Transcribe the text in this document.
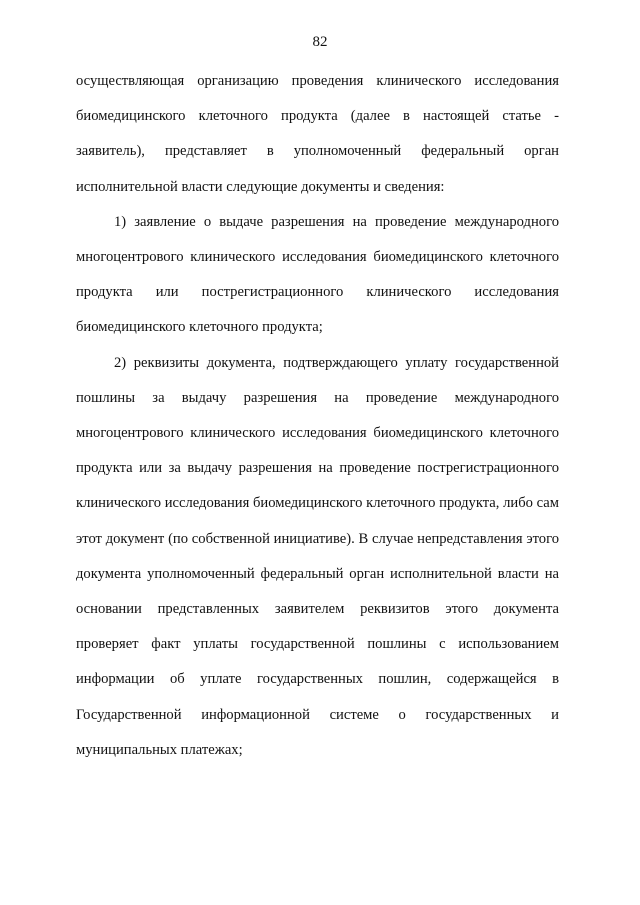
82

осуществляющая организацию проведения клинического исследования биомедицинского клеточного продукта (далее в настоящей статье - заявитель), представляет в уполномоченный федеральный орган исполнительной власти следующие документы и сведения:

1) заявление о выдаче разрешения на проведение международного многоцентрового клинического исследования биомедицинского клеточного продукта или пострегистрационного клинического исследования биомедицинского клеточного продукта;

2) реквизиты документа, подтверждающего уплату государственной пошлины за выдачу разрешения на проведение международного многоцентрового клинического исследования биомедицинского клеточного продукта или за выдачу разрешения на проведение пострегистрационного клинического исследования биомедицинского клеточного продукта, либо сам этот документ (по собственной инициативе). В случае непредставления этого документа уполномоченный федеральный орган исполнительной власти на основании представленных заявителем реквизитов этого документа проверяет факт уплаты государственной пошлины с использованием информации об уплате государственных пошлин, содержащейся в Государственной информационной системе о государственных и муниципальных платежах;
